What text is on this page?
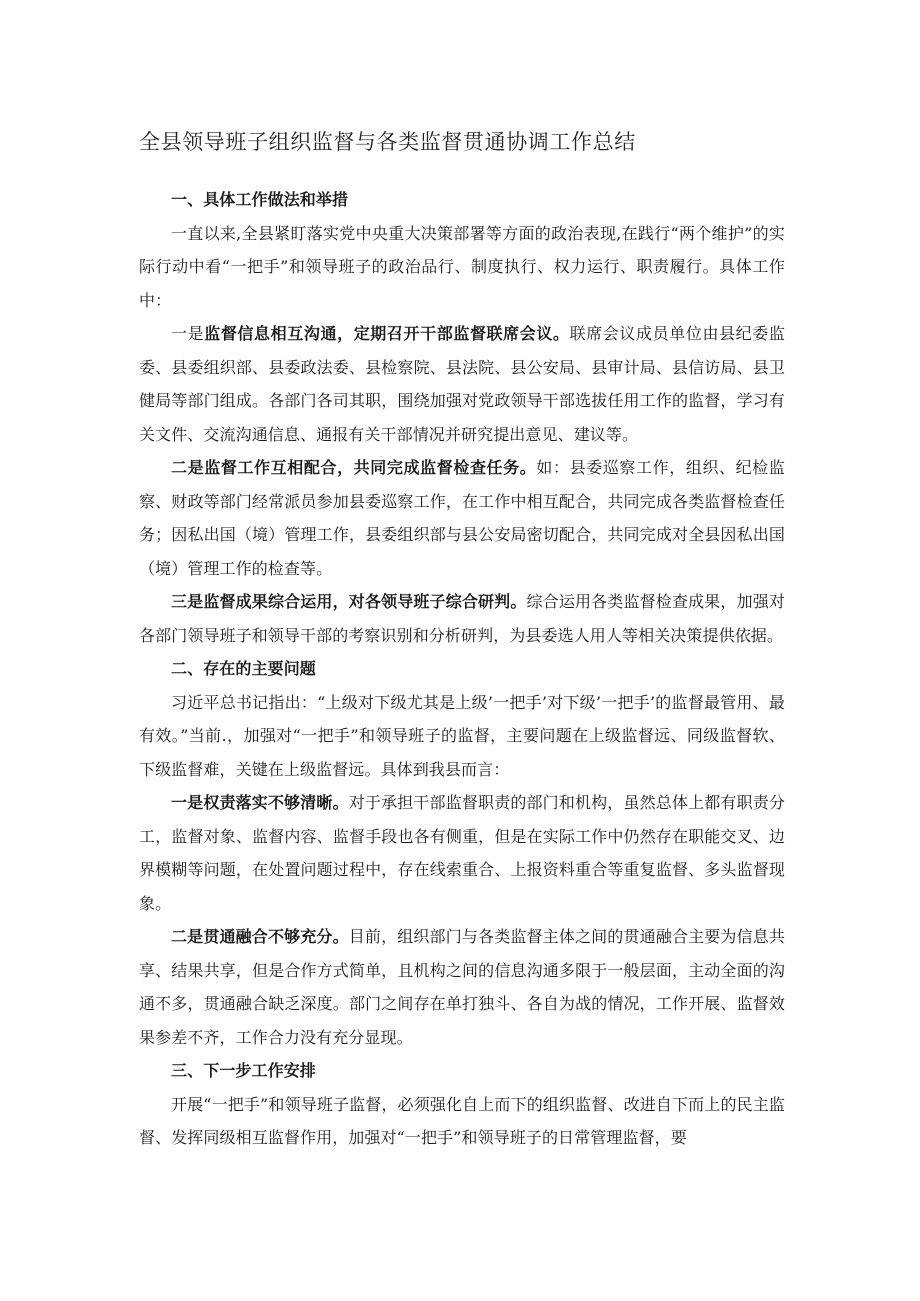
全县领导班子组织监督与各类监督贯通协调工作总结

一、具体工作做法和举措

一直以来,全县紧盯落实党中央重大决策部署等方面的政治表现,在践行“两个维护”的实际行动中看“一把手”和领导班子的政治品行、制度执行、权力运行、职责履行。具体工作中：

一是监督信息相互沟通，定期召开干部监督联席会议。联席会议成员单位由县纪委监委、县委组织部、县委政法委、县检察院、县法院、县公安局、县审计局、县信访局、县卫健局等部门组成。各部门各司其职，围绕加强对党政领导干部选拔任用工作的监督，学习有关文件、交流沟通信息、通报有关干部情况并研究提出意见、建议等。

二是监督工作互相配合，共同完成监督检查任务。如：县委巡察工作，组织、纪检监察、财政等部门经常派员参加县委巡察工作，在工作中相互配合，共同完成各类监督检查任务；因私出国（境）管理工作，县委组织部与县公安局密切配合，共同完成对全县因私出国（境）管理工作的检查等。

三是监督成果综合运用，对各领导班子综合研判。综合运用各类监督检查成果，加强对各部门领导班子和领导干部的考察识别和分析研判，为县委选人用人等相关决策提供依据。

二、存在的主要问题

习近平总书记指出：“上级对下级尤其是上级’一把手’对下级’一把手’的监督最管用、最有效。”当前.，加强对“一把手”和领导班子的监督，主要问题在上级监督远、同级监督软、下级监督难，关键在上级监督远。具体到我县而言：

一是权责落实不够清晰。对于承担干部监督职责的部门和机构，虽然总体上都有职责分工，监督对象、监督内容、监督手段也各有侧重，但是在实际工作中仍然存在职能交叉、边界模糊等问题，在处置问题过程中，存在线索重合、上报资料重合等重复监督、多头监督现象。

二是贯通融合不够充分。目前，组织部门与各类监督主体之间的贯通融合主要为信息共享、结果共享，但是合作方式简单，且机构之间的信息沟通多限于一般层面，主动全面的沟通不多，贯通融合缺乏深度。部门之间存在单打独斗、各自为战的情况，工作开展、监督效果参差不齐，工作合力没有充分显现。

三、下一步工作安排

开展“一把手”和领导班子监督，必须强化自上而下的组织监督、改进自下而上的民主监督、发挥同级相互监督作用，加强对“一把手”和领导班子的日常管理监督，要
